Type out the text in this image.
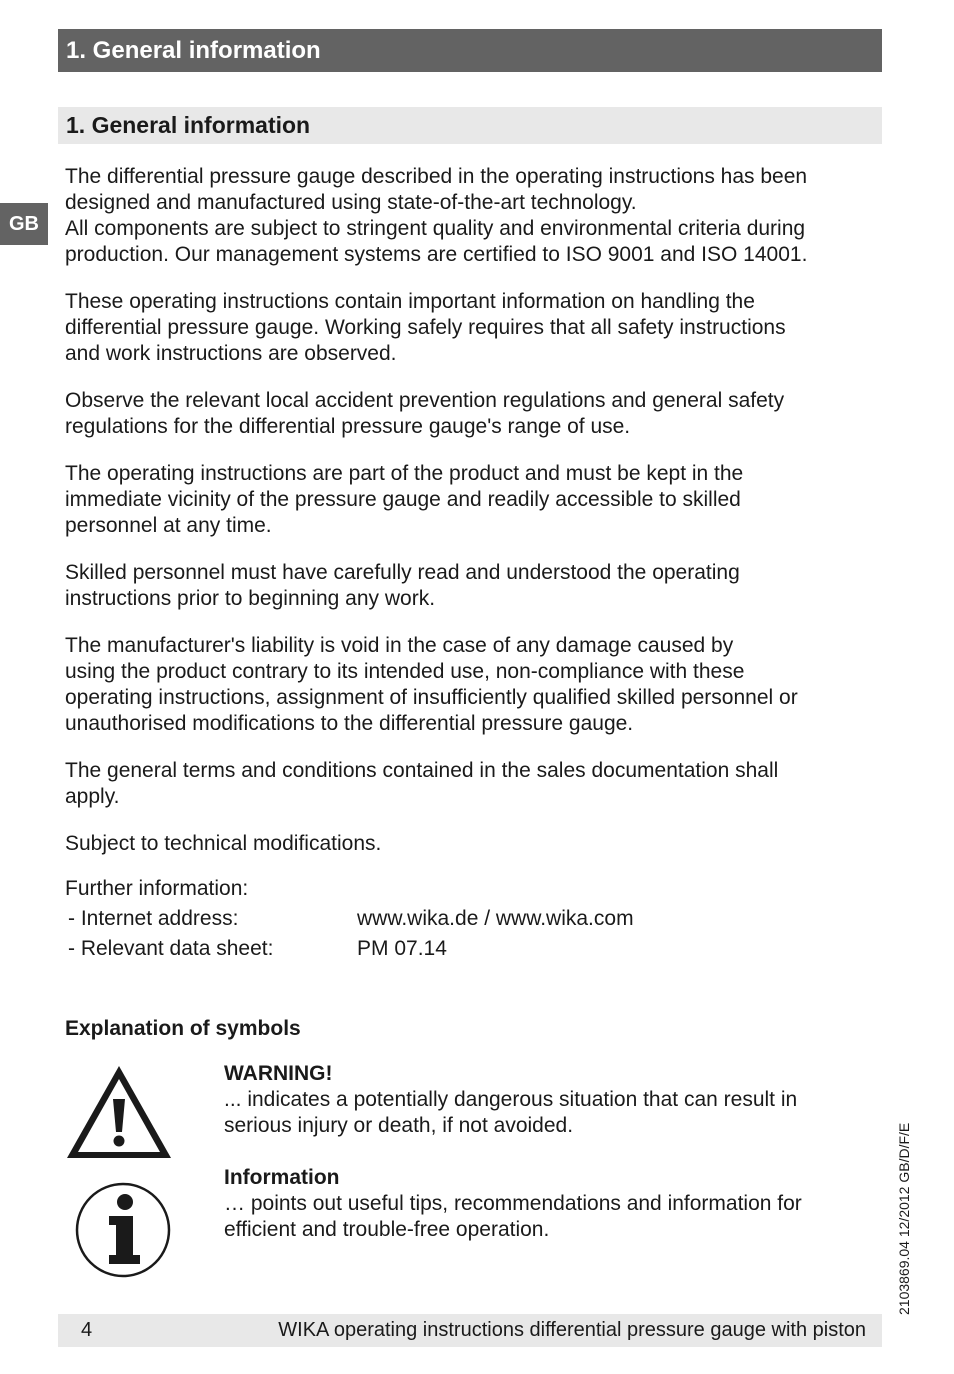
1. General information
1. General information
GB

The differential pressure gauge described in the operating instructions has been
designed and manufactured using state-of-the-art technology.
All components are subject to stringent quality and environmental criteria during
production. Our management systems are certified to ISO 9001 and ISO 14001.

These operating instructions contain important information on handling the
differential pressure gauge. Working safely requires that all safety instructions
and work instructions are observed.

Observe the relevant local accident prevention regulations and general safety
regulations for the differential pressure gauge's range of use.

The operating instructions are part of the product and must be kept in the
immediate vicinity of the pressure gauge and readily accessible to skilled
personnel at any time.

Skilled personnel must have carefully read and understood the operating
instructions prior to beginning any work.

The manufacturer's liability is void in the case of any damage caused by
using the product contrary to its intended use, non-compliance with these
operating instructions, assignment of insufficiently qualified skilled personnel or
unauthorised modifications to the differential pressure gauge.

The general terms and conditions contained in the sales documentation shall
apply.

Subject to technical modifications.

Further information:
- Internet address:	www.wika.de / www.wika.com
- Relevant data sheet:	PM 07.14
Explanation of symbols
WARNING!
... indicates a potentially dangerous situation that can result in
serious injury or death, if not avoided.
Information
… points out useful tips, recommendations and information for
efficient and trouble-free operation.	2103869.04 12/2012 GB/D/F/E
4	WIKA operating instructions differential pressure gauge with piston
